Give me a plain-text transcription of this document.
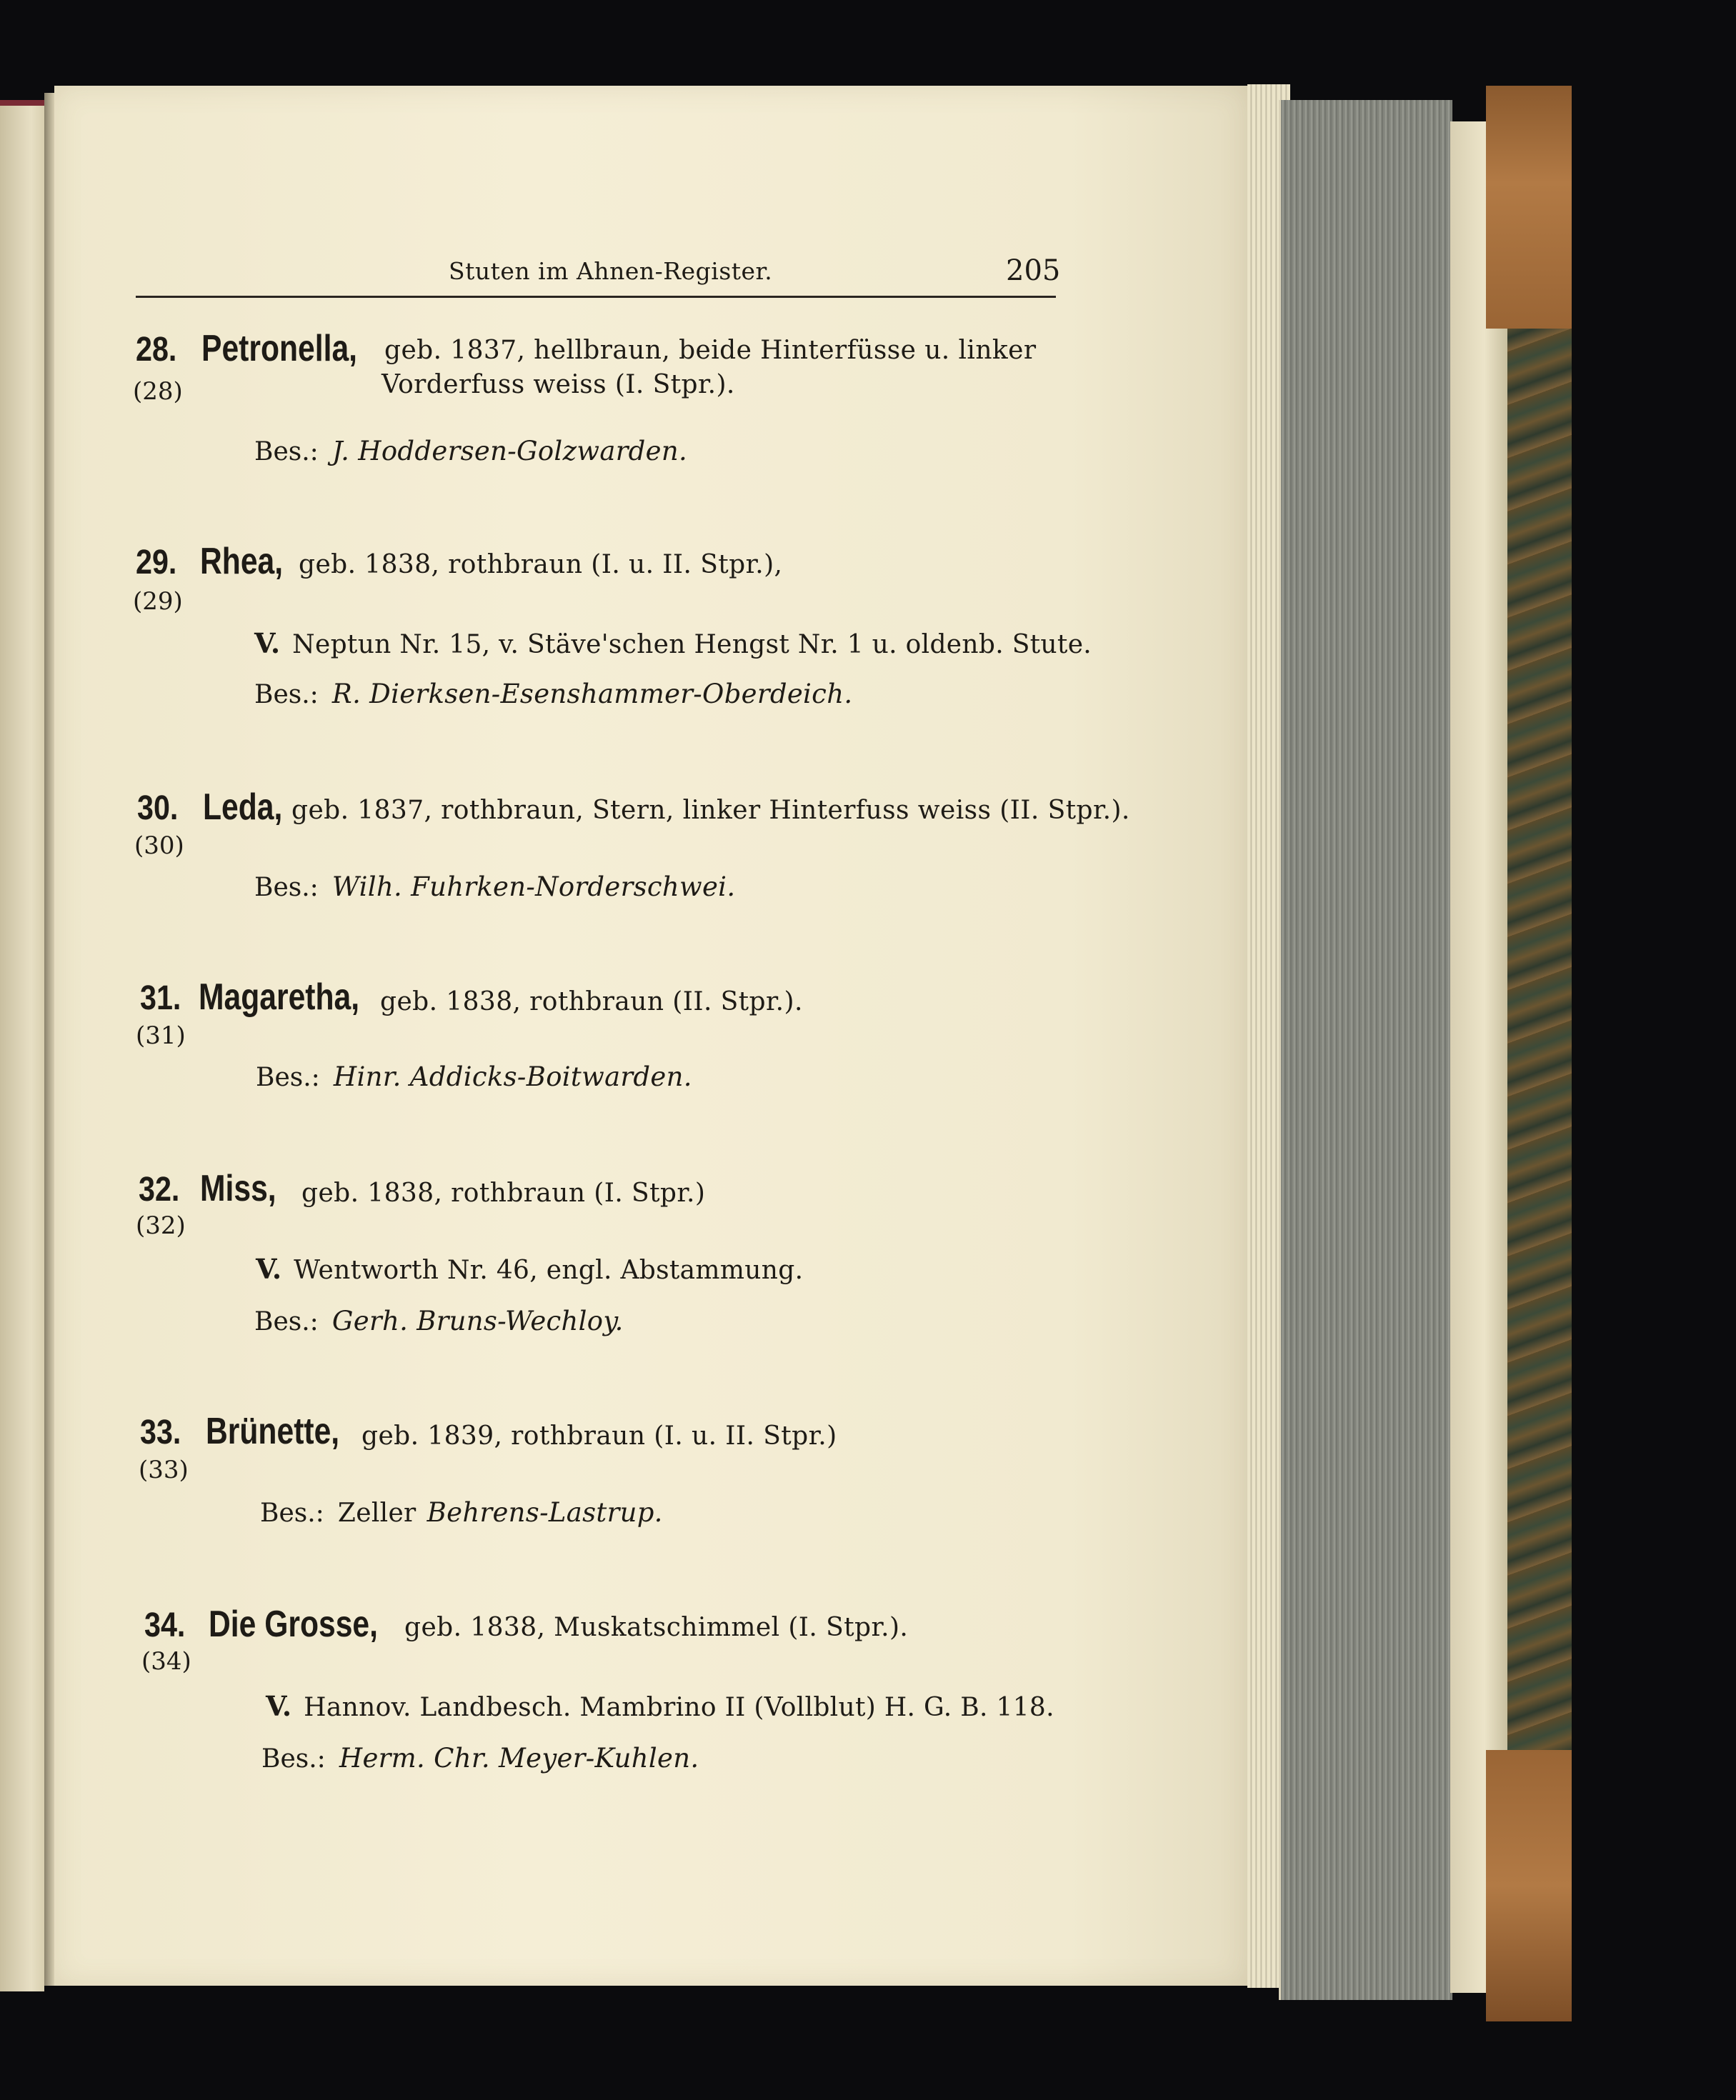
Stuten im Ahnen-Register.	205
28. Petronella,	geb. 1837, hellbraun, beide Hinterfüsse u. linker
(28)	Vorderfuss weiss (I. Stpr.).
Bes.: J. Hoddersen-Golzwarden.
29. Rhea, geb. 1838, rothbraun (I. u. II. Stpr.),
(29)
V. Neptun Nr. 15, v. Stäve'schen Hengst Nr. 1 u. oldenb. Stute.
Bes.: R. Dierksen-Esenshammer-Oberdeich.
30. Leda, geb. 1837, rothbraun, Stern, linker Hinterfuss weiss (II. Stpr.).
(30)
Bes.: Wilh. Fuhrken-Norderschwei.
31. Magaretha, geb. 1838, rothbraun (II. Stpr.).
(31)
Bes.: Hinr. Addicks-Boitwarden.
32. Miss, geb. 1838, rothbraun (I. Stpr.)
(32)
V. Wentworth Nr. 46, engl. Abstammung.
Bes.: Gerh. Bruns-Wechloy.
33. Brünette, geb. 1839, rothbraun (I. u. II. Stpr.)
(33)
Bes.: Zeller Behrens-Lastrup.
34. Die Grosse,	geb. 1838, Muskatschimmel (I. Stpr.).
(34)
V. Hannov. Landbesch. Mambrino II (Vollblut) H. G. B. 118.
Bes.: Herm. Chr. Meyer-Kuhlen.
